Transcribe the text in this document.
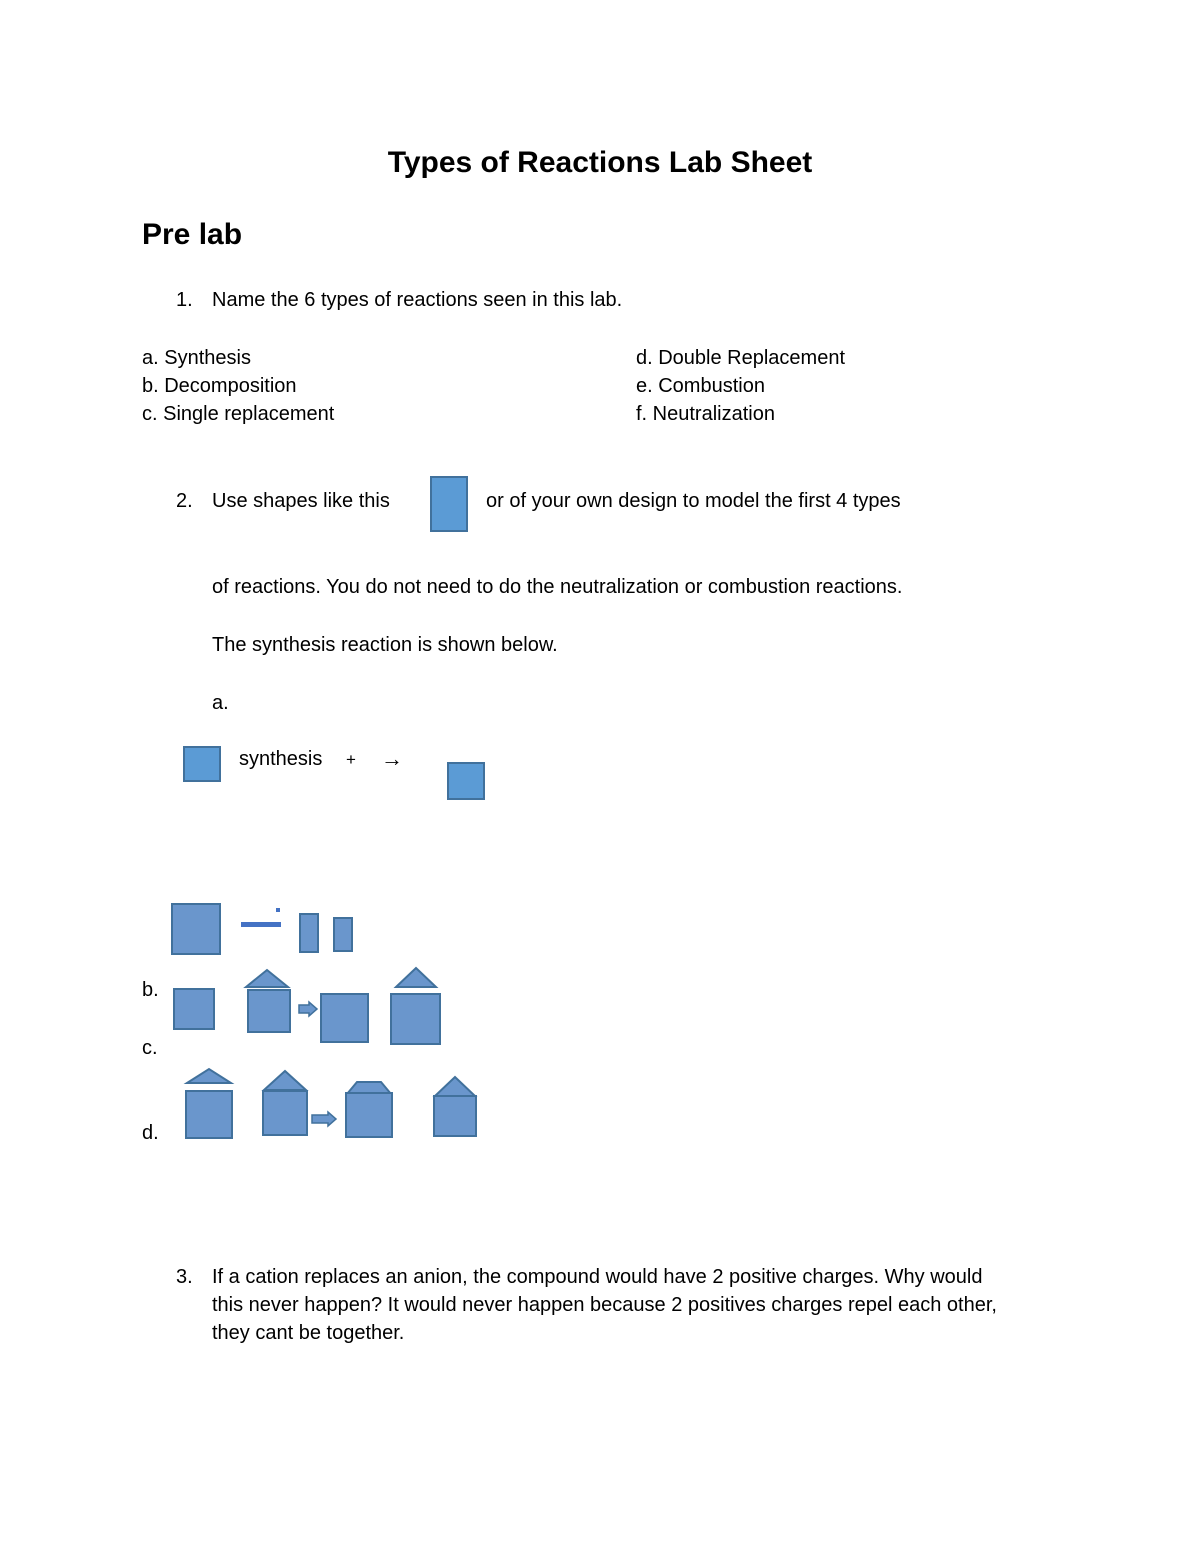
Types of Reactions Lab Sheet
Pre lab
1. Name the 6 types of reactions seen in this lab.
a. Synthesis
b. Decomposition
c. Single replacement
d. Double Replacement
e. Combustion
f. Neutralization
2. Use shapes like this	or of your own design to model the first 4 types
of reactions. You do not need to do the neutralization or combustion reactions.
The synthesis reaction is shown below.
a.
synthesis + →
b.
c.
d.
3. If a cation replaces an anion, the compound would have 2 positive charges. Why would
this never happen? It would never happen because 2 positives charges repel each other,
they cant be together.
